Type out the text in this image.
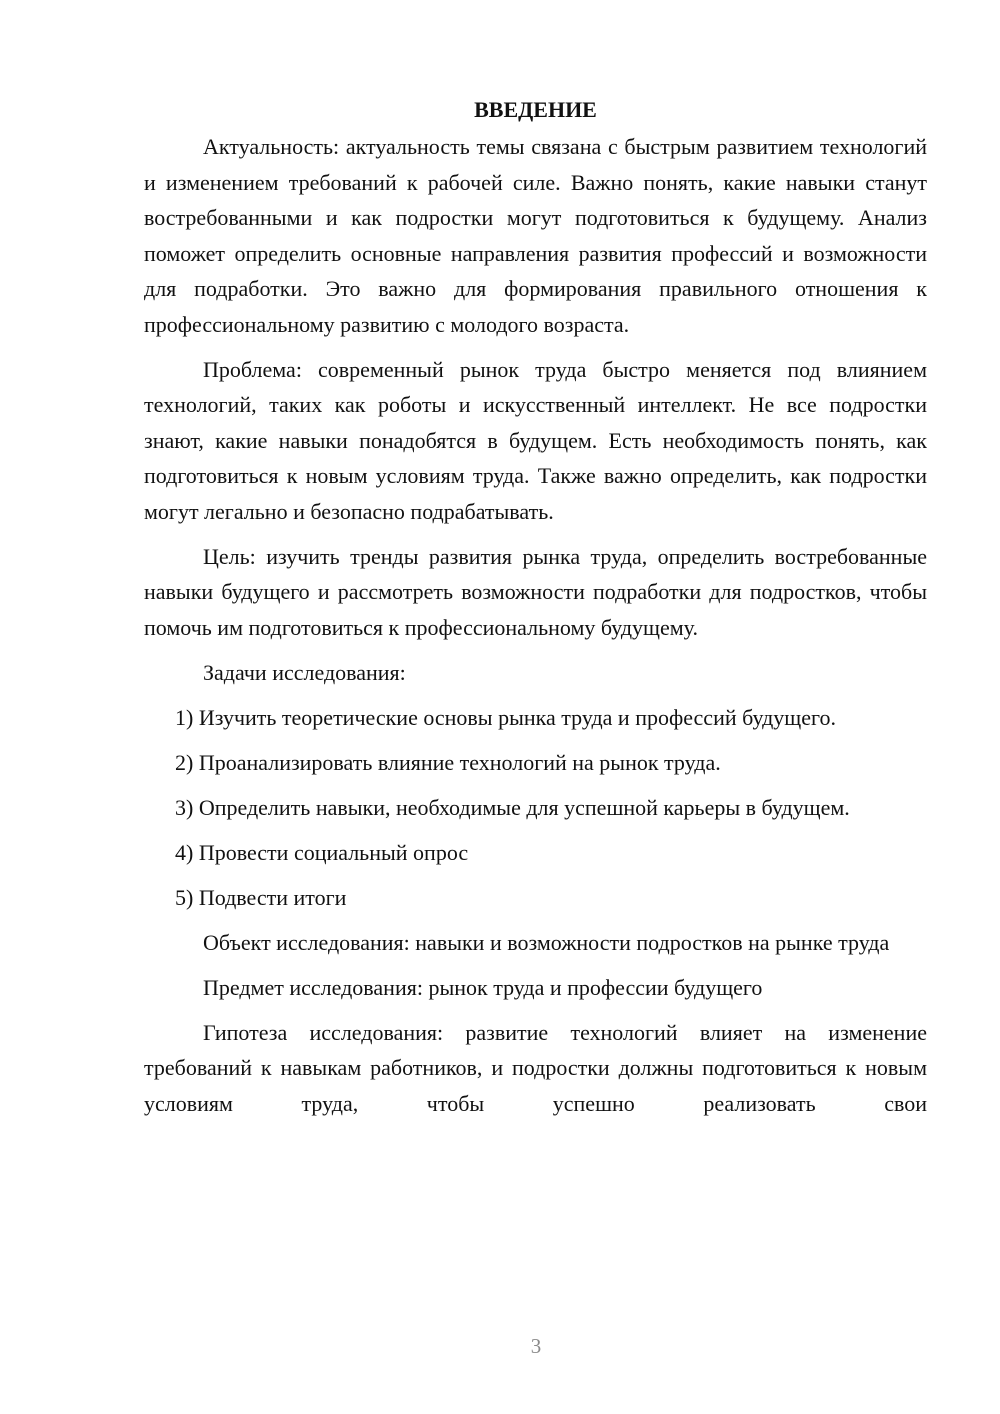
ВВЕДЕНИЕ

Актуальность: актуальность темы связана с быстрым развитием технологий и изменением требований к рабочей силе. Важно понять, какие навыки станут востребованными и как подростки могут подготовиться к будущему. Анализ поможет определить основные направления развития профессий и возможности для подработки. Это важно для формирования правильного отношения к профессиональному развитию с молодого возраста.

Проблема: современный рынок труда быстро меняется под влиянием технологий, таких как роботы и искусственный интеллект. Не все подростки знают, какие навыки понадобятся в будущем. Есть необходимость понять, как подготовиться к новым условиям труда. Также важно определить, как подростки могут легально и безопасно подрабатывать.

Цель: изучить тренды развития рынка труда, определить востребованные навыки будущего и рассмотреть возможности подработки для подростков, чтобы помочь им подготовиться к профессиональному будущему.

Задачи исследования:

1) Изучить теоретические основы рынка труда и профессий будущего.

2) Проанализировать влияние технологий на рынок труда.

3) Определить навыки, необходимые для успешной карьеры в будущем.

4) Провести социальный опрос

5) Подвести итоги

Объект исследования: навыки и возможности подростков на рынке труда

Предмет исследования: рынок труда и профессии будущего

Гипотеза исследования: развитие технологий влияет на изменение требований к навыкам работников, и подростки должны подготовиться к новым условиям труда, чтобы успешно реализовать свои

3
